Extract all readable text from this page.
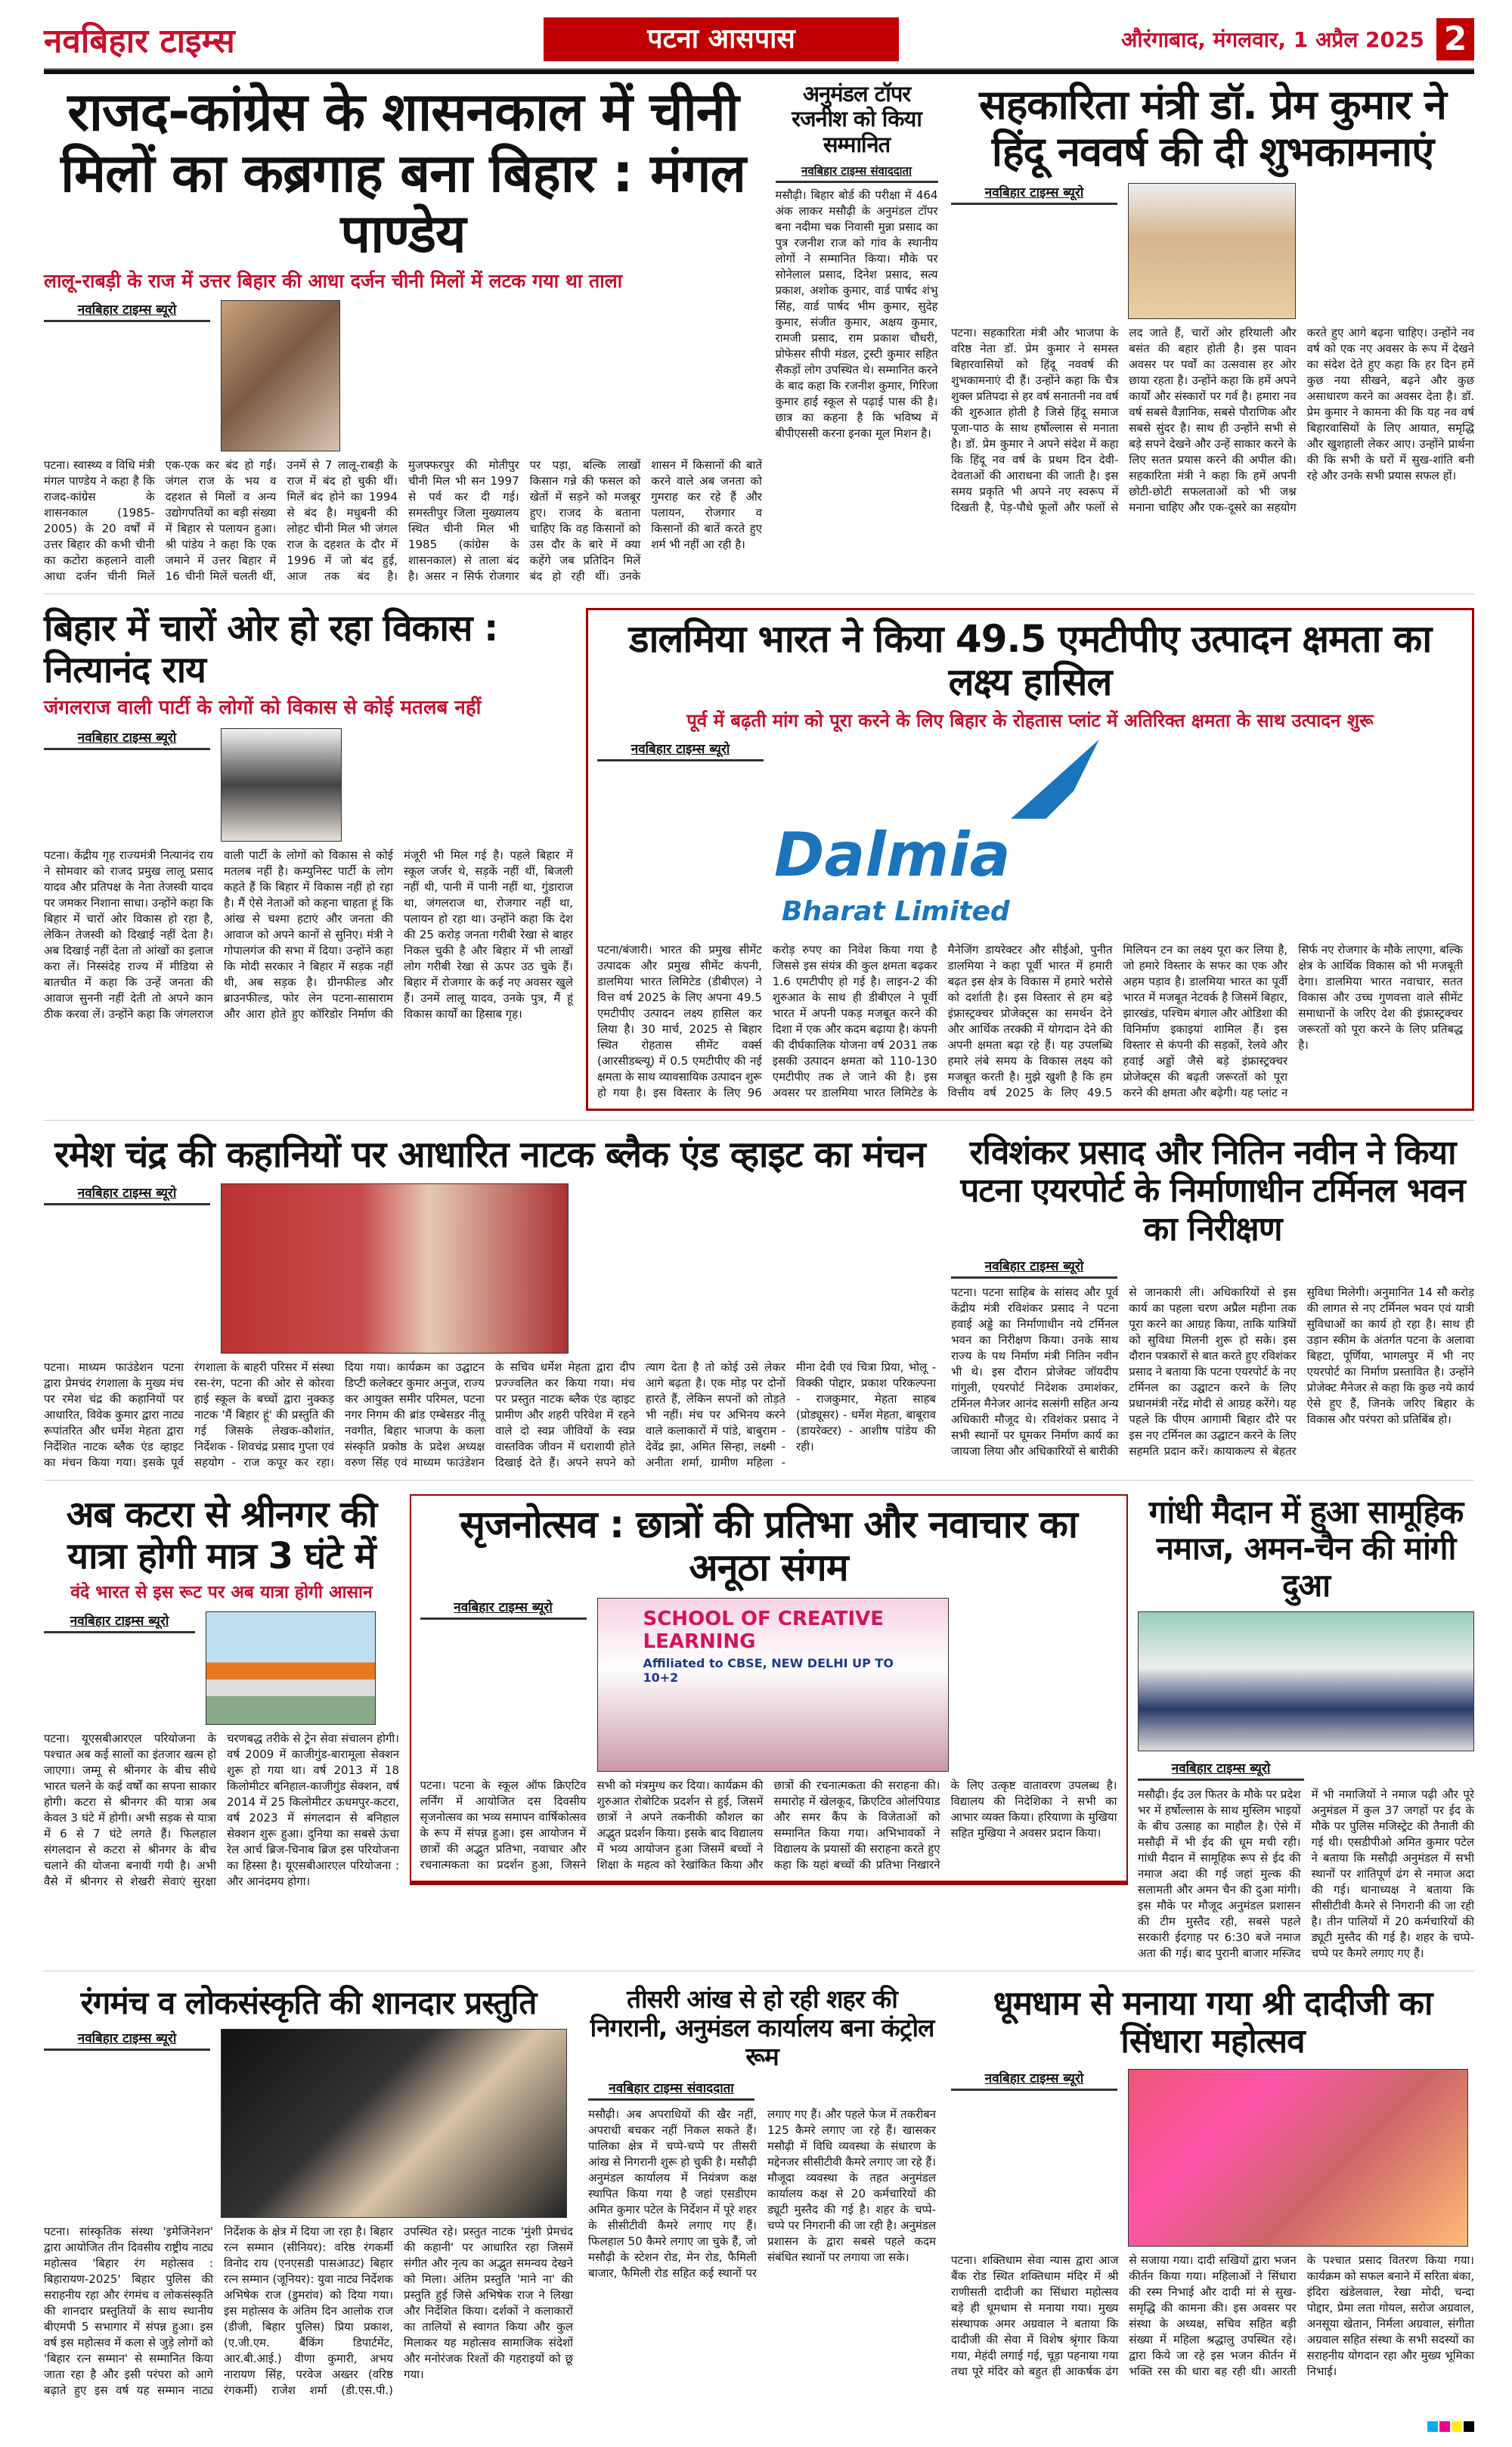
नवबिहार टाइम्स	पटना आसपास	औरंगाबाद, मंगलवार, 1 अप्रैल 2025 2
राजद-कांग्रेस के शासनकाल में चीनी मिलों का कब्रगाह बना बिहार : मंगल पाण्डेय
लालू-राबड़ी के राज में उत्तर बिहार की आधा दर्जन चीनी मिलों में लटक गया था ताला
नवबिहार टाइम्स ब्यूरो
पटना। स्वास्थ्य व विधि मंत्री मंगल पाण्डेय ने कहा है कि राजद-कांग्रेस के शासनकाल (1985-2005) के 20 वर्षों में उत्तर बिहार की कभी चीनी का कटोरा कहलाने वाली आधा दर्जन चीनी मिलें एक-एक कर बंद हो गईं। जंगल राज के भय व दहशत से मिलों व अन्य उद्योगपतियों का बड़ी संख्या में बिहार से पलायन हुआ। श्री पांडेय ने कहा कि एक जमाने में उत्तर बिहार में 16 चीनी मिलें चलती थीं, उनमें से 7 लालू-राबड़ी के राज में बंद हो चुकी थीं। मिलें बंद होने का 1994 से बंद है। मधुबनी की लोहट चीनी मिल भी जंगल राज के दहशत के दौर में 1996 में जो बंद हुई, आज तक बंद है। मुजफ्फरपुर की मोतीपुर चीनी मिल भी सन 1997 से पर्व कर दी गई। समस्तीपुर जिला मुख्यालय स्थित चीनी मिल भी 1985 (कांग्रेस के शासनकाल) से ताला बंद है। असर न सिर्फ रोजगार पर पड़ा, बल्कि लाखों किसान गन्ने की फसल को खेतों में सड़ने को मजबूर हुए। राजद के बताना चाहिए कि वह किसानों को उस दौर के बारे में क्या कहेंगे जब प्रतिदिन मिलें बंद हो रही थीं। उनके शासन में किसानों की बातें करने वाले अब जनता को गुमराह कर रहे हैं और पलायन, रोजगार व किसानों की बातें करते हुए शर्म भी नहीं आ रही है।
अनुमंडल टॉपर रजनीश को किया सम्मानित
नवबिहार टाइम्स संवाददाता
मसौढ़ी। बिहार बोर्ड की परीक्षा में 464 अंक लाकर मसौढ़ी के अनुमंडल टॉपर बना नदीमा चक निवासी मुन्ना प्रसाद का पुत्र रजनीश राज को गांव के स्थानीय लोगों ने सम्मानित किया। मौके पर सोनेलाल प्रसाद, दिनेश प्रसाद, सत्य प्रकाश, अशोक कुमार, वार्ड पार्षद शंभु सिंह, वार्ड पार्षद भीम कुमार, सुदेह कुमार, संजीत कुमार, अक्षय कुमार, रामजी प्रसाद, राम प्रकाश चौधरी, प्रोफेसर सीपी मंडल, ट्रस्टी कुमार सहित सैकड़ों लोग उपस्थित थे। सम्मानित करने के बाद कहा कि रजनीश कुमार, गिरिजा कुमार हाई स्कूल से पढ़ाई पास की है। छात्र का कहना है कि भविष्य में बीपीएससी करना इनका मूल मिशन है।
सहकारिता मंत्री डॉ. प्रेम कुमार ने हिंदू नववर्ष की दी शुभकामनाएं
नवबिहार टाइम्स ब्यूरो
पटना। सहकारिता मंत्री और भाजपा के वरिष्ठ नेता डॉ. प्रेम कुमार ने समस्त बिहारवासियों को हिंदू नववर्ष की शुभकामनाएं दी हैं। उन्होंने कहा कि चैत्र शुक्ल प्रतिपदा से हर वर्ष सनातनी नव वर्ष की शुरुआत होती है जिसे हिंदू समाज पूजा-पाठ के साथ हर्षोल्लास से मनाता है। डॉ. प्रेम कुमार ने अपने संदेश में कहा कि हिंदू नव वर्ष के प्रथम दिन देवी-देवताओं की आराधना की जाती है। इस समय प्रकृति भी अपने नए स्वरूप में दिखती है, पेड़-पौधे फूलों और फलों से लद जाते हैं, चारों ओर हरियाली और बसंत की बहार होती है। इस पावन अवसर पर पर्वों का उत्सवास हर ओर छाया रहता है। उन्होंने कहा कि हमें अपने कार्यों और संस्कारों पर गर्व है। हमारा नव वर्ष सबसे वैज्ञानिक, सबसे पौराणिक और सबसे सुंदर है। साथ ही उन्होंने सभी से बड़े सपने देखने और उन्हें साकार करने के लिए सतत प्रयास करने की अपील की। सहकारिता मंत्री ने कहा कि हमें अपनी छोटी-छोटी सफलताओं को भी जश्न मनाना चाहिए और एक-दूसरे का सहयोग करते हुए आगे बढ़ना चाहिए। उन्होंने नव वर्ष को एक नए अवसर के रूप में देखने का संदेश देते हुए कहा कि हर दिन हमें कुछ नया सीखने, बढ़ने और कुछ असाधारण करने का अवसर देता है। डॉ. प्रेम कुमार ने कामना की कि यह नव वर्ष बिहारवासियों के लिए आयात, समृद्धि और खुशहाली लेकर आए। उन्होंने प्रार्थना की कि सभी के घरों में सुख-शांति बनी रहे और उनके सभी प्रयास सफल हों।
बिहार में चारों ओर हो रहा विकास : नित्यानंद राय
जंगलराज वाली पार्टी के लोगों को विकास से कोई मतलब नहीं
नवबिहार टाइम्स ब्यूरो
पटना। केंद्रीय गृह राज्यमंत्री नित्यानंद राय ने सोमवार को राजद प्रमुख लालू प्रसाद यादव और प्रतिपक्ष के नेता तेजस्वी यादव पर जमकर निशाना साधा। उन्होंने कहा कि बिहार में चारों ओर विकास हो रहा है, लेकिन तेजस्वी को दिखाई नहीं देता है। अब दिखाई नहीं देता तो आंखों का इलाज करा लें। निस्संदेह राज्य में मीडिया से बातचीत में कहा कि उन्हें जनता की आवाज सुननी नहीं देती तो अपने कान ठीक करवा लें। उन्होंने कहा कि जंगलराज वाली पार्टी के लोगों को विकास से कोई मतलब नहीं है। कम्युनिस्ट पार्टी के लोग कहते हैं कि बिहार में विकास नहीं हो रहा है। मैं ऐसे नेताओं को कहना चाहता हूं कि आंख से चश्मा हटाएं और जनता की आवाज को अपने कानों से सुनिए। मंत्री ने गोपालगंज की सभा में दिया। उन्होंने कहा कि मोदी सरकार ने बिहार में सड़क नहीं थी, अब सड़क है। ग्रीनफील्ड और ब्राउनफील्ड, फोर लेन पटना-सासाराम और आरा होते हुए कॉरिडोर निर्माण की मंजूरी भी मिल गई है। पहले बिहार में स्कूल जर्जर थे, सड़कें नहीं थीं, बिजली नहीं थी, पानी में पानी नहीं था, गुंडाराज था, जंगलराज था, रोजगार नहीं था, पलायन हो रहा था। उन्होंने कहा कि देश की 25 करोड़ जनता गरीबी रेखा से बाहर निकल चुकी है और बिहार में भी लाखों लोग गरीबी रेखा से ऊपर उठ चुके हैं। बिहार में रोजगार के कई नए अवसर खुले हैं। उनमें लालू यादव, उनके पुत्र, मैं हूं विकास कार्यों का हिसाब गृह।
डालमिया भारत ने किया 49.5 एमटीपीए उत्पादन क्षमता का लक्ष्य हासिल
पूर्व में बढ़ती मांग को पूरा करने के लिए बिहार के रोहतास प्लांट में अतिरिक्त क्षमता के साथ उत्पादन शुरू
नवबिहार टाइम्स ब्यूरो
Dalmia
Bharat Limited
पटना/बंजारी। भारत की प्रमुख सीमेंट उत्पादक और प्रमुख सीमेंट कंपनी, डालमिया भारत लिमिटेड (डीबीएल) ने वित्त वर्ष 2025 के लिए अपना 49.5 एमटीपीए उत्पादन लक्ष्य हासिल कर लिया है। 30 मार्च, 2025 से बिहार स्थित रोहतास सीमेंट वर्क्स (आरसीडब्ल्यू) में 0.5 एमटीपीए की नई क्षमता के साथ व्यावसायिक उत्पादन शुरू हो गया है। इस विस्तार के लिए 96 करोड़ रुपए का निवेश किया गया है जिससे इस संयंत्र की कुल क्षमता बढ़कर 1.6 एमटीपीए हो गई है। लाइन-2 की शुरुआत के साथ ही डीबीएल ने पूर्वी भारत में अपनी पकड़ मजबूत करने की दिशा में एक और कदम बढ़ाया है। कंपनी की दीर्घकालिक योजना वर्ष 2031 तक इसकी उत्पादन क्षमता को 110-130 एमटीपीए तक ले जाने की है। इस अवसर पर डालमिया भारत लिमिटेड के मैनेजिंग डायरेक्टर और सीईओ, पुनीत डालमिया ने कहा पूर्वी भारत में हमारी बढ़त इस क्षेत्र के विकास में हमारे भरोसे को दर्शाती है। इस विस्तार से हम बड़े इंफ्रास्ट्रक्चर प्रोजेक्ट्स का समर्थन देने और आर्थिक तरक्की में योगदान देने की अपनी क्षमता बढ़ा रहे हैं। यह उपलब्धि हमारे लंबे समय के विकास लक्ष्य को मजबूत करती है। मुझे खुशी है कि हम वित्तीय वर्ष 2025 के लिए 49.5 मिलियन टन का लक्ष्य पूरा कर लिया है, जो हमारे विस्तार के सफर का एक और अहम पड़ाव है। डालमिया भारत का पूर्वी भारत में मजबूत नेटवर्क है जिसमें बिहार, झारखंड, पश्चिम बंगाल और ओडिशा की विनिर्माण इकाइयां शामिल हैं। इस विस्तार से कंपनी की सड़कों, रेलवे और हवाई अड्डों जैसे बड़े इंफ्रास्ट्रक्चर प्रोजेक्ट्स की बढ़ती जरूरतों को पूरा करने की क्षमता और बढ़ेगी। यह प्लांट न सिर्फ नए रोजगार के मौके लाएगा, बल्कि क्षेत्र के आर्थिक विकास को भी मजबूती देगा। डालमिया भारत नवाचार, सतत विकास और उच्च गुणवत्ता वाले सीमेंट समाधानों के जरिए देश की इंफ्रास्ट्रक्चर जरूरतों को पूरा करने के लिए प्रतिबद्ध है।
रमेश चंद्र की कहानियों पर आधारित नाटक ब्लैक एंड व्हाइट का मंचन
नवबिहार टाइम्स ब्यूरो
पटना। माध्यम फाउंडेशन पटना द्वारा प्रेमचंद रंगशाला के मुख्य मंच पर रमेश चंद्र की कहानियों पर आधारित, विवेक कुमार द्वारा नाट्य रूपांतरित और धर्मेश मेहता द्वारा निर्देशित नाटक ब्लैक एंड व्हाइट का मंचन किया गया। इसके पूर्व रंगशाला के बाहरी परिसर में संस्था रस-रंग, पटना की ओर से कोरवा हाई स्कूल के बच्चों द्वारा नुक्कड़ नाटक 'मैं बिहार हूं' की प्रस्तुति की गई जिसके लेखक-कौशांत, निर्देशक - शिवचंद्र प्रसाद गुप्ता एवं सहयोग - राज कपूर कर रहा। दिया गया। कार्यक्रम का उद्घाटन डिप्टी कलेक्टर कुमार अनुज, राज्य कर आयुक्त समीर परिमल, पटना नगर निगम की ब्रांड एम्बेसडर नीतू नवगीत, बिहार भाजपा के कला संस्कृति प्रकोष्ठ के प्रदेश अध्यक्ष वरुण सिंह एवं माध्यम फाउंडेशन के सचिव धर्मेश मेहता द्वारा दीप प्रज्ज्वलित कर किया गया। मंच पर प्रस्तुत नाटक ब्लैक एंड व्हाइट प्रामीण और शहरी परिवेश में रहने वाले दो स्वप्न जीवियों के स्वप्न वास्तविक जीवन में धराशायी होते दिखाई देते हैं। अपने सपने को त्याग देता है तो कोई उसे लेकर आगे बढ़ता है। एक मोड़ पर दोनों हारते हैं, लेकिन सपनों को तोड़ते भी नहीं। मंच पर अभिनय करने वाले कलाकारों में पांडे, बाबुराम - देवेंद्र झा, अमित सिन्हा, लक्ष्मी - अनीता शर्मा, ग्रामीण महिला - मीना देवी एवं चित्रा प्रिया, भोलू - विक्की पोद्दार, प्रकाश परिकल्पना - राजकुमार, मेहता साहब (प्रोड्यूसर) - धर्मेश मेहता, बाबूराव (डायरेक्टर) - आशीष पांडेय की रही।
रविशंकर प्रसाद और नितिन नवीन ने किया पटना एयरपोर्ट के निर्माणाधीन टर्मिनल भवन का निरीक्षण
नवबिहार टाइम्स ब्यूरो
पटना। पटना साहिब के सांसद और पूर्व केंद्रीय मंत्री रविशंकर प्रसाद ने पटना हवाई अड्डे का निर्माणाधीन नये टर्मिनल भवन का निरीक्षण किया। उनके साथ राज्य के पथ निर्माण मंत्री नितिन नवीन भी थे। इस दौरान प्रोजेक्ट जॉयदीप गांगुली, एयरपोर्ट निदेशक उमाशंकर, टर्मिनल मैनेजर आनंद सत्संगी सहित अन्य अधिकारी मौजूद थे। रविशंकर प्रसाद ने सभी स्थानों पर घूमकर निर्माण कार्य का जायजा लिया और अधिकारियों से बारीकी से जानकारी ली। अधिकारियों से इस कार्य का पहला चरण अप्रैल महीना तक पूरा करने का आग्रह किया, ताकि यात्रियों को सुविधा मिलनी शुरू हो सके। इस दौरान पत्रकारों से बात करते हुए रविशंकर प्रसाद ने बताया कि पटना एयरपोर्ट के नए टर्मिनल का उद्घाटन करने के लिए प्रधानमंत्री नरेंद्र मोदी से आग्रह करेंगे। यह पहले कि पीएम आगामी बिहार दौरे पर इस नए टर्मिनल का उद्घाटन करने के लिए सहमति प्रदान करें। कायाकल्प से बेहतर सुविधा मिलेगी। अनुमानित 14 सौ करोड़ की लागत से नए टर्मिनल भवन एवं यात्री सुविधाओं का कार्य हो रहा है। साथ ही उड़ान स्कीम के अंतर्गत पटना के अलावा बिहटा, पूर्णिया, भागलपुर में भी नए एयरपोर्ट का निर्माण प्रस्तावित है। उन्होंने प्रोजेक्ट मैनेजर से कहा कि कुछ नये कार्य ऐसे हुए हैं, जिनके जरिए बिहार के विकास और परंपरा को प्रतिबिंब हो।
अब कटरा से श्रीनगर की यात्रा होगी मात्र 3 घंटे में
वंदे भारत से इस रूट पर अब यात्रा होगी आसान
नवबिहार टाइम्स ब्यूरो
पटना। यूएसबीआरएल परियोजना के पश्चात अब कई सालों का इंतजार खत्म हो जाएगा। जम्मू से श्रीनगर के बीच सीधे भारत चलने के कई वर्षों का सपना साकार होगी। कटरा से श्रीनगर की यात्रा अब केवल 3 घंटे में होगी। अभी सड़क से यात्रा में 6 से 7 घंटे लगते हैं। फिलहाल संगलदान से कटरा से श्रीनगर के बीच चलाने की योजना बनायी गयी है। अभी वैसे में श्रीनगर से शेखरी सेवाएं सुरक्षा चरणबद्ध तरीके से ट्रेन सेवा संचालन होगी। वर्ष 2009 में काजीगुंड-बारामूला सेक्शन शुरू हो गया था। वर्ष 2013 में 18 किलोमीटर बनिहाल-काजीगुंड सेक्शन, वर्ष 2014 में 25 किलोमीटर ऊधमपुर-कटरा, वर्ष 2023 में संगलदान से बनिहाल सेक्शन शुरू हुआ। दुनिया का सबसे ऊंचा रेल आर्च ब्रिज-चिनाब ब्रिज इस परियोजना का हिस्सा है। यूएसबीआरएल परियोजना : और आनंदमय होगा।
सृजनोत्सव : छात्रों की प्रतिभा और नवाचार का अनूठा संगम
नवबिहार टाइम्स ब्यूरो	SCHOOL OF CREATIVE LEARNING
Affiliated to CBSE, NEW DELHI UP TO 10+2
पटना। पटना के स्कूल ऑफ क्रिएटिव लर्निंग में आयोजित दस दिवसीय सृजनोत्सव का भव्य समापन वार्षिकोत्सव के रूप में संपन्न हुआ। इस आयोजन में छात्रों की अद्भुत प्रतिभा, नवाचार और रचनात्मकता का प्रदर्शन हुआ, जिसने सभी को मंत्रमुग्ध कर दिया। कार्यक्रम की शुरुआत रोबोटिक प्रदर्शन से हुई, जिसमें छात्रों ने अपने तकनीकी कौशल का अद्भुत प्रदर्शन किया। इसके बाद विद्यालय में भव्य आयोजन हुआ जिसमें बच्चों ने शिक्षा के महत्व को रेखांकित किया और छात्रों की रचनात्मकता की सराहना की। समारोह में खेलकूद, क्रिएटिव ओलंपियाड और समर कैंप के विजेताओं को सम्मानित किया गया। अभिभावकों ने विद्यालय के प्रयासों की सराहना करते हुए कहा कि यहां बच्चों की प्रतिभा निखारने के लिए उत्कृष्ट वातावरण उपलब्ध है। विद्यालय की निदेशिका ने सभी का आभार व्यक्त किया। हरियाणा के मुखिया सहित मुखिया ने अवसर प्रदान किया।
गांधी मैदान में हुआ सामूहिक नमाज, अमन-चैन की मांगी दुआ
नवबिहार टाइम्स ब्यूरो
मसौढ़ी। ईद उल फितर के मौके पर प्रदेश भर में हर्षोल्लास के साथ मुस्लिम भाइयों के बीच उत्साह का माहौल है। ऐसे में मसौढ़ी में भी ईद की धूम मची रही। गांधी मैदान में सामूहिक रूप से ईद की नमाज अदा की गई जहां मुल्क की सलामती और अमन चैन की दुआ मांगी। इस मौके पर मौजूद अनुमंडल प्रशासन की टीम मुस्तैद रही, सबसे पहले सरकारी ईदगाह पर 6:30 बजे नमाज अता की गई। बाद पुरानी बाजार मस्जिद में भी नमाजियों ने नमाज पढ़ी और पूरे अनुमंडल में कुल 37 जगहों पर ईद के मौके पर पुलिस मजिस्ट्रेट की तैनाती की गई थी। एसडीपीओ अमित कुमार पटेल ने बताया कि मसौढ़ी अनुमंडल में सभी स्थानों पर शांतिपूर्ण ढंग से नमाज अदा की गई। थानाध्यक्ष ने बताया कि सीसीटीवी कैमरे से निगरानी की जा रही है। तीन पालियों में 20 कर्मचारियों की ड्यूटी मुस्तैद की गई है। शहर के चप्पे-चप्पे पर कैमरे लगाए गए हैं।
रंगमंच व लोकसंस्कृति की शानदार प्रस्तुति
नवबिहार टाइम्स ब्यूरो
पटना। सांस्कृतिक संस्था 'इमेजिनेशन' द्वारा आयोजित तीन दिवसीय राष्ट्रीय नाट्य महोत्सव 'बिहार रंग महोत्सव : बिहारायण-2025' बिहार पुलिस की सराहनीय रहा और रंगमंच व लोकसंस्कृति की शानदार प्रस्तुतियों के साथ स्थानीय बीएमपी 5 सभागार में संपन्न हुआ। इस वर्ष इस महोत्सव में कला से जुड़े लोगों को 'बिहार रत्न सम्मान' से सम्मानित किया जाता रहा है और इसी परंपरा को आगे बढ़ाते हुए इस वर्ष यह सम्मान नाट्य निर्देशक के क्षेत्र में दिया जा रहा है। बिहार रत्न सम्मान (सीनियर): वरिष्ठ रंगकर्मी विनोद राय (एनएसडी पासआउट) बिहार रत्न सम्मान (जूनियर): युवा नाट्य निर्देशक अभिषेक राज (डुमरांव) को दिया गया। इस महोत्सव के अंतिम दिन आलोक राज (डीजी, बिहार पुलिस) प्रिया प्रकाश, (ए.जी.एम. बैंकिंग डिपार्टमेंट, आर.बी.आई.) वीणा कुमारी, अभय नारायण सिंह, परवेज अख्तर (वरिष्ठ रंगकर्मी) राजेश शर्मा (डी.एस.पी.) उपस्थित रहे। प्रस्तुत नाटक 'मुंशी प्रेमचंद की कहानी' पर आधारित रहा जिसमें संगीत और नृत्य का अद्भुत समन्वय देखने को मिला। अंतिम प्रस्तुति 'माने ना' की प्रस्तुति हुई जिसे अभिषेक राज ने लिखा और निर्देशित किया। दर्शकों ने कलाकारों का तालियों से स्वागत किया और कुल मिलाकर यह महोत्सव सामाजिक संदेशों और मनोरंजक रिश्तों की गहराइयों को छू गया।
तीसरी आंख से हो रही शहर की निगरानी, अनुमंडल कार्यालय बना कंट्रोल रूम
नवबिहार टाइम्स संवाददाता
मसौढ़ी। अब अपराधियों की खैर नहीं, अपराधी बचकर नहीं निकल सकते हैं। पालिका क्षेत्र में चप्पे-चप्पे पर तीसरी आंख से निगरानी शुरू हो चुकी है। मसौढ़ी अनुमंडल कार्यालय में नियंत्रण कक्ष स्थापित किया गया है जहां एसडीएम अमित कुमार पटेल के निर्देशन में पूरे शहर के सीसीटीवी कैमरे लगाए गए हैं। फिलहाल 50 कैमरे लगाए जा चुके हैं, जो मसौढ़ी के स्टेशन रोड, मेन रोड, फैमिली बाजार, फैमिली रोड सहित कई स्थानों पर लगाए गए हैं। और पहले फेज में तकरीबन 125 कैमरे लगाए जा रहे हैं। खासकर मसौढ़ी में विधि व्यवस्था के संधारण के मद्देनजर सीसीटीवी कैमरे लगाए जा रहे हैं। मौजूदा व्यवस्था के तहत अनुमंडल कार्यालय कक्ष से 20 कर्मचारियों की ड्यूटी मुस्तैद की गई है। शहर के चप्पे-चप्पे पर निगरानी की जा रही है। अनुमंडल प्रशासन के द्वारा सबसे पहले कदम संबंधित स्थानों पर लगाया जा सके।
धूमधाम से मनाया गया श्री दादीजी का सिंधारा महोत्सव
नवबिहार टाइम्स ब्यूरो
पटना। शक्तिधाम सेवा न्यास द्वारा आज बैंक रोड स्थित शक्तिधाम मंदिर में श्री राणीसती दादीजी का सिंधारा महोत्सव बड़े ही धूमधाम से मनाया गया। मुख्य संस्थापक अमर अग्रवाल ने बताया कि दादीजी की सेवा में विशेष श्रृंगार किया गया, मेहंदी लगाई गई, चूड़ा पहनाया गया तथा पूरे मंदिर को बहुत ही आकर्षक ढंग से सजाया गया। दादी सखियों द्वारा भजन कीर्तन किया गया। महिलाओं ने सिंधारा की रस्म निभाई और दादी मां से सुख-समृद्धि की कामना की। इस अवसर पर संस्था के अध्यक्ष, सचिव सहित बड़ी संख्या में महिला श्रद्धालु उपस्थित रहे। द्वारा किये जा रहे इस भजन कीर्तन में भक्ति रस की धारा बह रही थी। आरती के पश्चात प्रसाद वितरण किया गया। कार्यक्रम को सफल बनाने में सरिता बंका, इंदिरा खंडेलवाल, रेखा मोदी, चन्दा पोद्दार, प्रेमा लता गोयल, सरोज अग्रवाल, अनसूया खेतान, निर्मला अग्रवाल, संगीता अग्रवाल सहित संस्था के सभी सदस्यों का सराहनीय योगदान रहा और मुख्य भूमिका निभाई।
